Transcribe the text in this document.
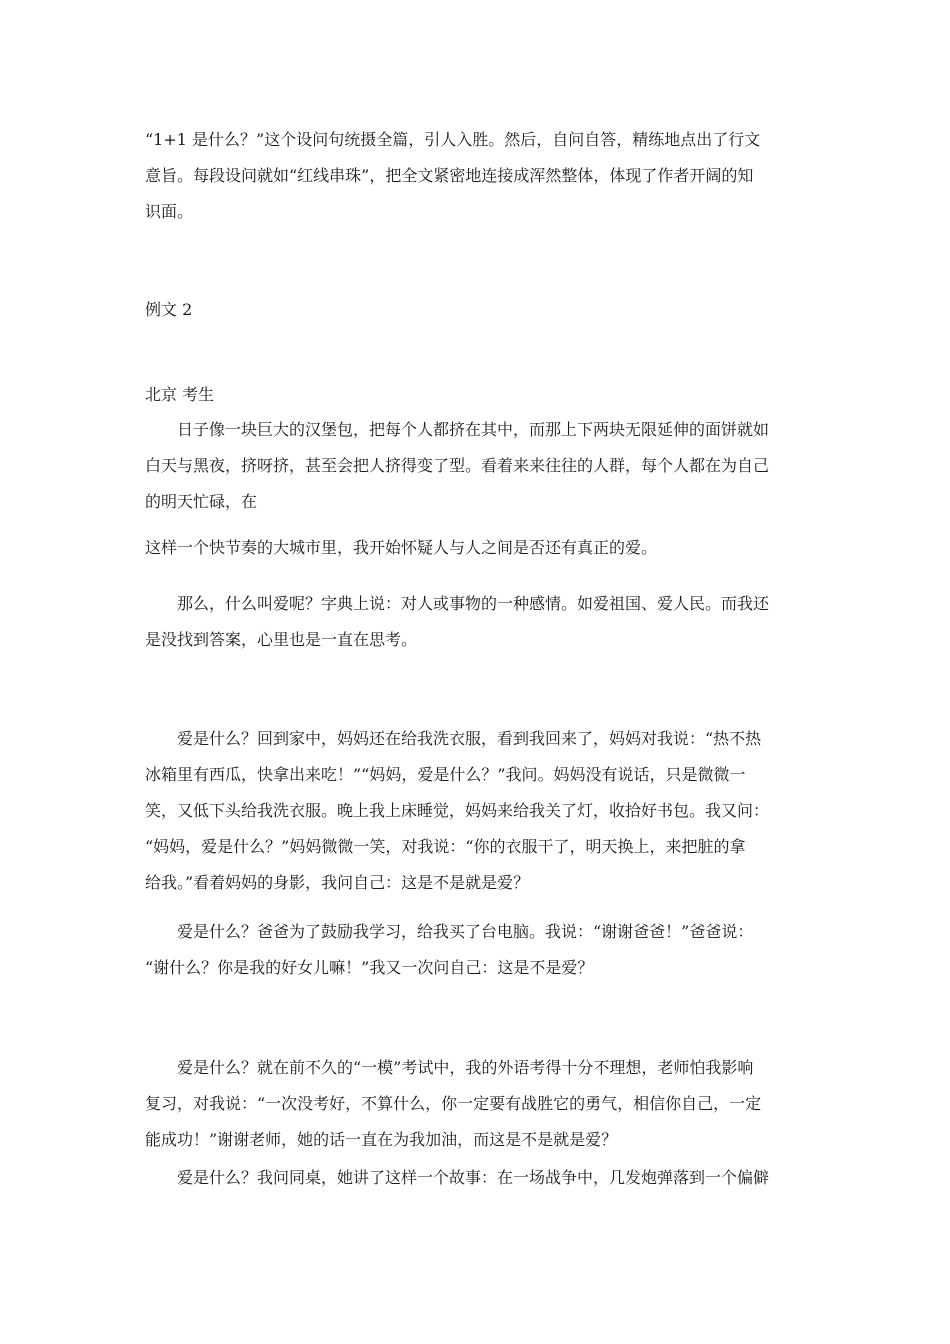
“1+1 是什么？”这个设问句统摄全篇，引人入胜。然后，自问自答，精练地点出了行文
意旨。每段设问就如“红线串珠”，把全文紧密地连接成浑然整体，体现了作者开阔的知
识面。
例文 2
北京 考生
日子像一块巨大的汉堡包，把每个人都挤在其中，而那上下两块无限延伸的面饼就如
白天与黑夜，挤呀挤，甚至会把人挤得变了型。看着来来往往的人群，每个人都在为自己
的明天忙碌，在
这样一个快节奏的大城市里，我开始怀疑人与人之间是否还有真正的爱。
那么，什么叫爱呢？字典上说：对人或事物的一种感情。如爱祖国、爱人民。而我还
是没找到答案，心里也是一直在思考。
爱是什么？回到家中，妈妈还在给我洗衣服，看到我回来了，妈妈对我说：“热不热
冰箱里有西瓜，快拿出来吃！”“妈妈，爱是什么？”我问。妈妈没有说话，只是微微一
笑，又低下头给我洗衣服。晚上我上床睡觉，妈妈来给我关了灯，收拾好书包。我又问：
“妈妈，爱是什么？”妈妈微微一笑，对我说：“你的衣服干了，明天换上，来把脏的拿
给我。”看着妈妈的身影，我问自己：这是不是就是爱？
爱是什么？爸爸为了鼓励我学习，给我买了台电脑。我说：“谢谢爸爸！”爸爸说：
“谢什么？你是我的好女儿嘛！”我又一次问自己：这是不是爱？
爱是什么？就在前不久的“一模”考试中，我的外语考得十分不理想，老师怕我影响
复习，对我说：“一次没考好，不算什么，你一定要有战胜它的勇气，相信你自己，一定
能成功！”谢谢老师，她的话一直在为我加油，而这是不是就是爱？
爱是什么？我问同桌，她讲了这样一个故事：在一场战争中，几发炮弹落到一个偏僻
